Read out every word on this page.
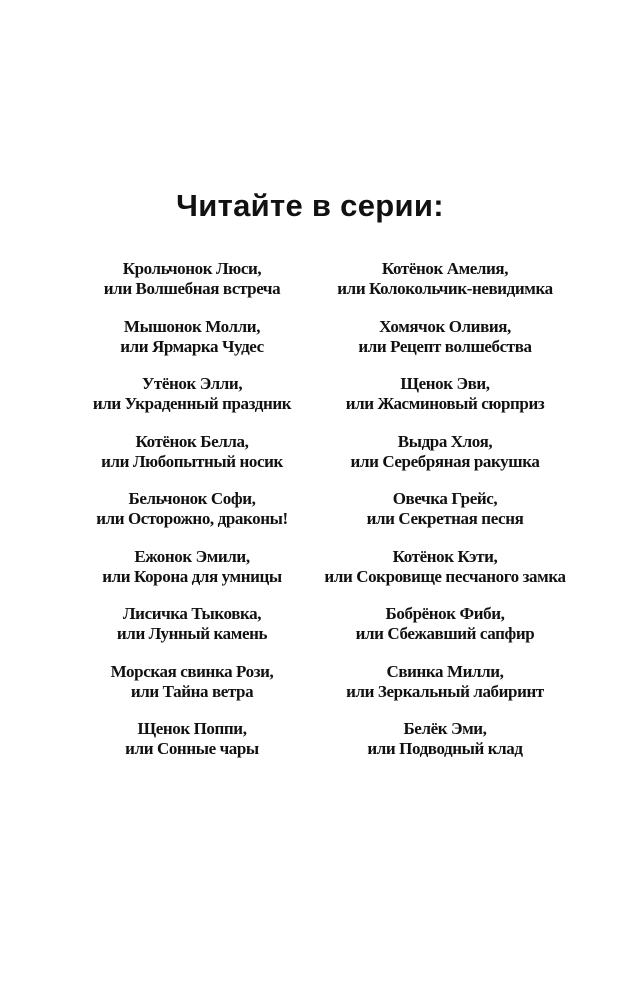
Читайте в серии:
Крольчонок Люси,
или Волшебная встреча
Мышонок Молли,
или Ярмарка Чудес
Утёнок Элли,
или Украденный праздник
Котёнок Белла,
или Любопытный носик
Бельчонок Софи,
или Осторожно, драконы!
Ежонок Эмили,
или Корона для умницы
Лисичка Тыковка,
или Лунный камень
Морская свинка Рози,
или Тайна ветра
Щенок Поппи,
или Сонные чары
Котёнок Амелия,
или Колокольчик-невидимка
Хомячок Оливия,
или Рецепт волшебства
Щенок Эви,
или Жасминовый сюрприз
Выдра Хлоя,
или Серебряная ракушка
Овечка Грейс,
или Секретная песня
Котёнок Кэти,
или Сокровище песчаного замка
Бобрёнок Фиби,
или Сбежавший сапфир
Свинка Милли,
или Зеркальный лабиринт
Белёк Эми,
или Подводный клад
